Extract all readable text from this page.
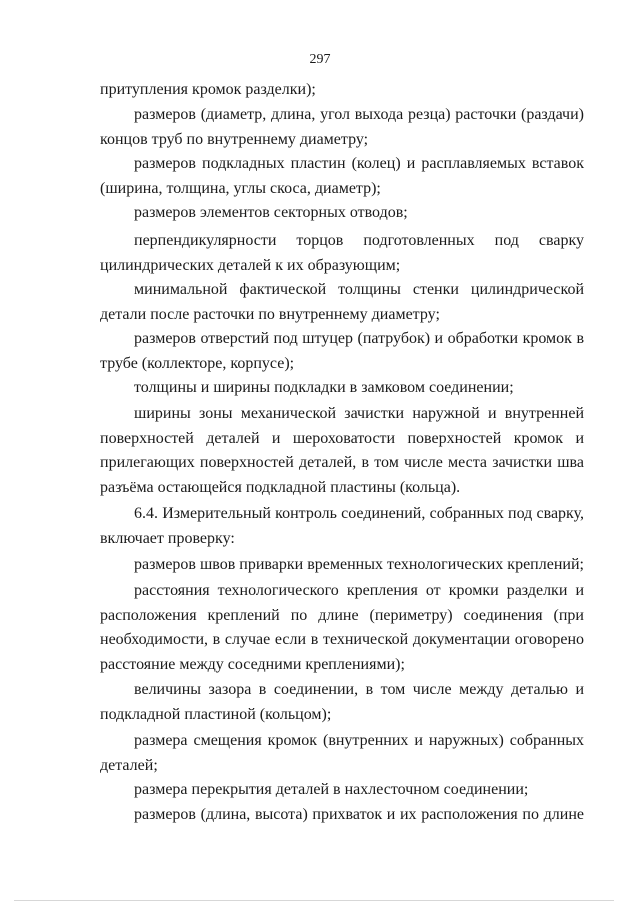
297
притупления кромок разделки);
размеров (диаметр, длина, угол выхода резца) расточки (раздачи) концов труб по внутреннему диаметру;
размеров подкладных пластин (колец) и расплавляемых вставок (ширина, толщина, углы скоса, диаметр);
размеров элементов секторных отводов;
перпендикулярности торцов подготовленных под сварку цилиндрических деталей к их образующим;
минимальной фактической толщины стенки цилиндрической детали после расточки по внутреннему диаметру;
размеров отверстий под штуцер (патрубок) и обработки кромок в трубе (коллекторе, корпусе);
толщины и ширины подкладки в замковом соединении;
ширины зоны механической зачистки наружной и внутренней поверхностей деталей и шероховатости поверхностей кромок и прилегающих поверхностей деталей, в том числе места зачистки шва разъёма остающейся подкладной пластины (кольца).
6.4. Измерительный контроль соединений, собранных под сварку, включает проверку:
размеров швов приварки временных технологических креплений;
расстояния технологического крепления от кромки разделки и расположения креплений по длине (периметру) соединения (при необходимости, в случае если в технической документации оговорено расстояние между соседними креплениями);
величины зазора в соединении, в том числе между деталью и подкладной пластиной (кольцом);
размера смещения кромок (внутренних и наружных) собранных деталей;
размера перекрытия деталей в нахлесточном соединении;
размеров (длина, высота) прихваток и их расположения по длине
